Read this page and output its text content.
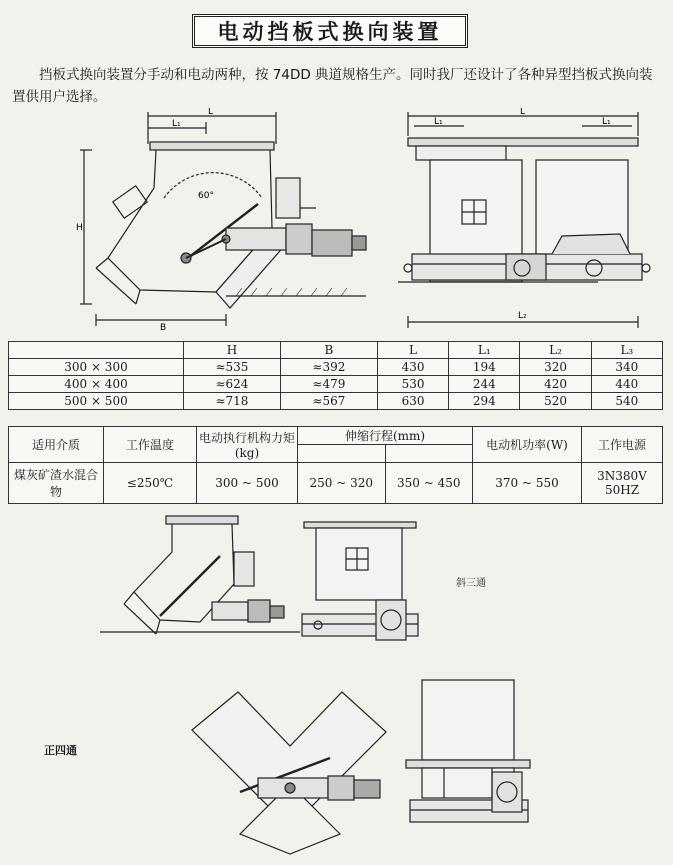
电动挡板式换向装置
挡板式换向装置分手动和电动两种，按 74DD 典道规格生产。同时我厂还设计了各种异型挡板式换向装置供用户选择。
L
L₁
H
B
60°
L
L₁	L₁
L₂
	H	B	L	L₁	L₂	L₃
300 × 300	≈535	≈392	430	194	320	340
400 × 400	≈624	≈479	530	244	420	440
500 × 500	≈718	≈567	630	294	520	540
适用介质	工作温度	电动执行机构力矩(kg)	伸缩行程(mm)		电动机功率(W)	工作电源

煤灰矿渣水混合物	≤250℃	300 ~ 500	250 ~ 320	350 ~ 450	370 ~ 550	3N380V 50HZ
斜三通
正四通
